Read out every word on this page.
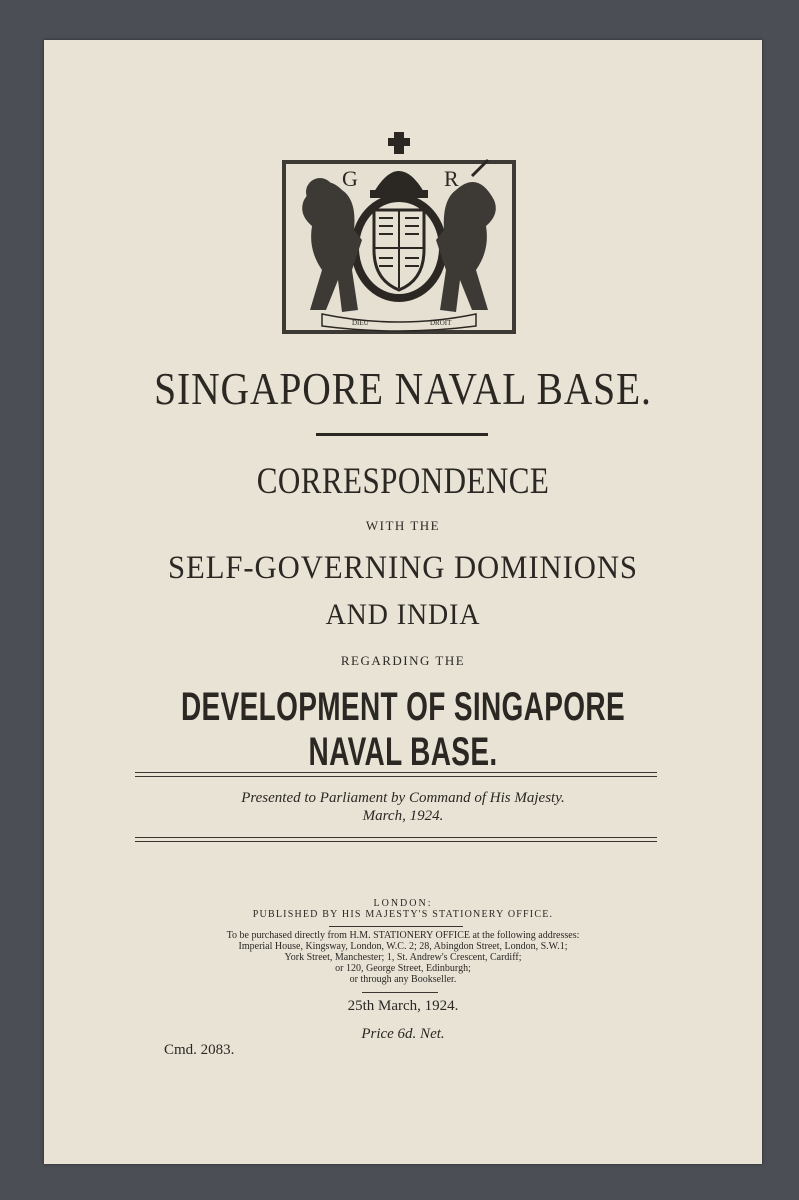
G	R
DIEU	DROIT
SINGAPORE NAVAL BASE.
CORRESPONDENCE
WITH THE
SELF-GOVERNING DOMINIONS
AND INDIA
REGARDING THE
DEVELOPMENT OF SINGAPORE NAVAL BASE.
Presented to Parliament by Command of His Majesty.
March, 1924.
LONDON:
PUBLISHED BY HIS MAJESTY'S STATIONERY OFFICE.
To be purchased directly from H.M. STATIONERY OFFICE at the following addresses:
Imperial House, Kingsway, London, W.C. 2; 28, Abingdon Street, London, S.W.1;
York Street, Manchester; 1, St. Andrew's Crescent, Cardiff;
or 120, George Street, Edinburgh;
or through any Bookseller.
25th March, 1924.
Price 6d. Net.
Cmd. 2083.
